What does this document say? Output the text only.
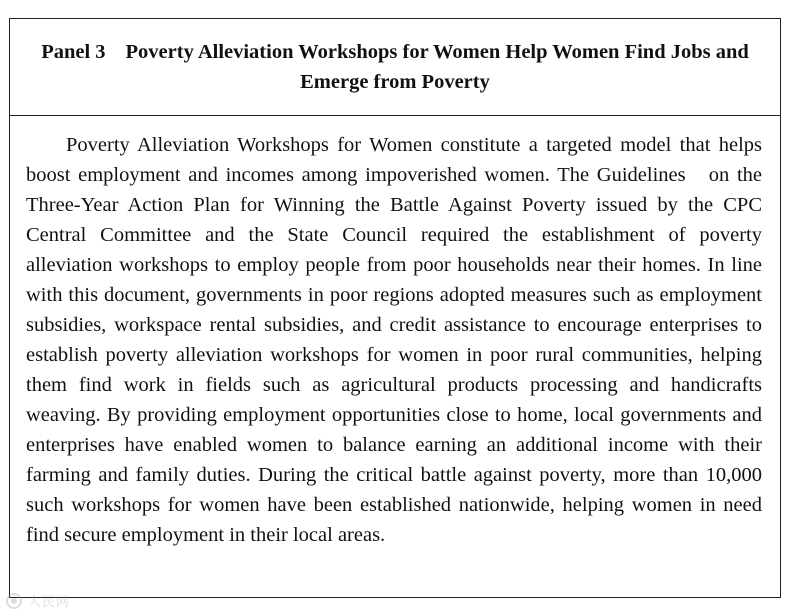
Panel 3 Poverty Alleviation Workshops for Women Help Women Find Jobs and Emerge from Poverty

Poverty Alleviation Workshops for Women constitute a targeted model that helps boost employment and incomes among impoverished women. The Guidelines   on the Three-Year Action Plan for Winning the Battle Against Poverty issued by the CPC Central Committee and the State Council required the establishment of poverty alleviation workshops to employ people from poor households near their homes. In line with this document, governments in poor regions adopted measures such as employment subsidies, workspace rental subsidies, and credit assistance to encourage enterprises to establish poverty alleviation workshops for women in poor rural communities, helping them find work in fields such as agricultural products processing and handicrafts weaving. By providing employment opportunities close to home, local governments and enterprises have enabled women to balance earning an additional income with their farming and family duties. During the critical battle against poverty, more than 10,000 such workshops for women have been established nationwide, helping women in need find secure employment in their local areas.

人民网
